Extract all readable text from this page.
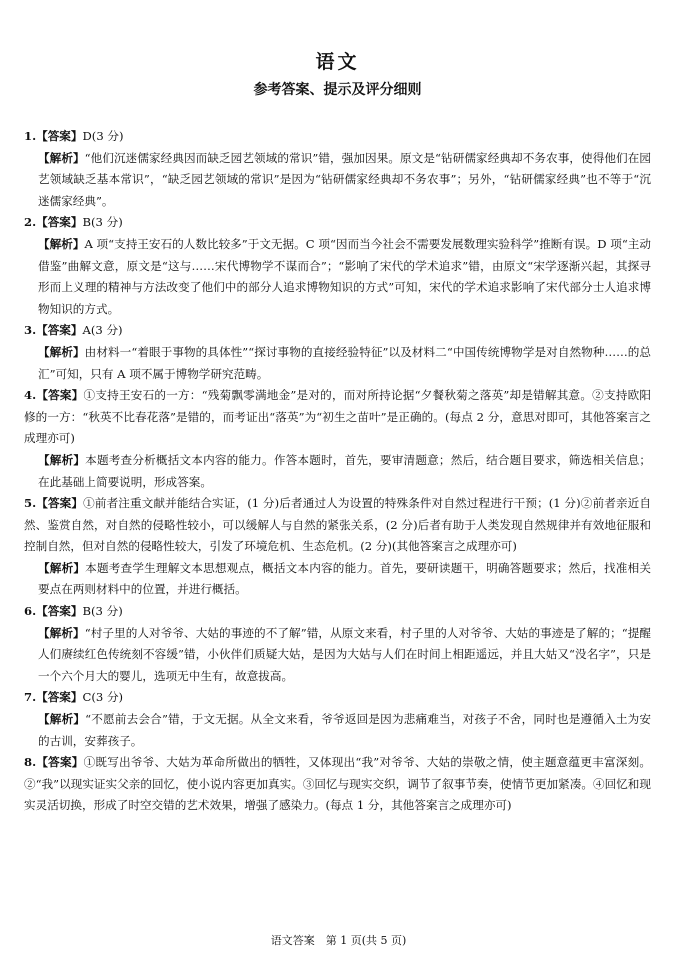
语文
参考答案、提示及评分细则

1.【答案】D(3 分)

【解析】“他们沉迷儒家经典因而缺乏园艺领域的常识”错，强加因果。原文是“钻研儒家经典却不务农事，使得他们在园艺领域缺乏基本常识”，“缺乏园艺领域的常识”是因为“钻研儒家经典却不务农事”；另外，“钻研儒家经典”也不等于“沉迷儒家经典”。

2.【答案】B(3 分)

【解析】A 项“支持王安石的人数比较多”于文无据。C 项“因而当今社会不需要发展数理实验科学”推断有误。D 项“主动借鉴”曲解文意，原文是“这与……宋代博物学不谋而合”；“影响了宋代的学术追求”错，由原文“宋学逐渐兴起，其探寻形而上义理的精神与方法改变了他们中的部分人追求博物知识的方式”可知，宋代的学术追求影响了宋代部分士人追求博物知识的方式。

3.【答案】A(3 分)

【解析】由材料一“着眼于事物的具体性”“探讨事物的直接经验特征”以及材料二“中国传统博物学是对自然物种……的总汇”可知，只有 A 项不属于博物学研究范畴。

4.【答案】①支持王安石的一方：“残菊飘零满地金”是对的，而对所持论据“夕餐秋菊之落英”却是错解其意。②支持欧阳修的一方：“秋英不比春花落”是错的，而考证出“落英”为“初生之苗叶”是正确的。(每点 2 分，意思对即可，其他答案言之成理亦可)

【解析】本题考查分析概括文本内容的能力。作答本题时，首先，要审清题意；然后，结合题目要求，筛选相关信息；在此基础上简要说明，形成答案。

5.【答案】①前者注重文献并能结合实证，(1 分)后者通过人为设置的特殊条件对自然过程进行干预；(1 分)②前者亲近自然、鉴赏自然，对自然的侵略性较小，可以缓解人与自然的紧张关系，(2 分)后者有助于人类发现自然规律并有效地征服和控制自然，但对自然的侵略性较大，引发了环境危机、生态危机。(2 分)(其他答案言之成理亦可)

【解析】本题考查学生理解文本思想观点，概括文本内容的能力。首先，要研读题干，明确答题要求；然后，找准相关要点在两则材料中的位置，并进行概括。

6.【答案】B(3 分)

【解析】“村子里的人对爷爷、大姑的事迹的不了解”错，从原文来看，村子里的人对爷爷、大姑的事迹是了解的；“提醒人们赓续红色传统刻不容缓”错，小伙伴们质疑大姑，是因为大姑与人们在时间上相距遥远，并且大姑又“没名字”，只是一个六个月大的婴儿，选项无中生有，故意拔高。

7.【答案】C(3 分)

【解析】“不愿前去会合”错，于文无据。从全文来看，爷爷返回是因为悲痛难当，对孩子不舍，同时也是遵循入土为安的古训，安葬孩子。

8.【答案】①既写出爷爷、大姑为革命所做出的牺牲，又体现出“我”对爷爷、大姑的崇敬之情，使主题意蕴更丰富深刻。②“我”以现实证实父亲的回忆，使小说内容更加真实。③回忆与现实交织，调节了叙事节奏，使情节更加紧凑。④回忆和现实灵活切换，形成了时空交错的艺术效果，增强了感染力。(每点 1 分，其他答案言之成理亦可)

语文答案　第 1 页(共 5 页)
